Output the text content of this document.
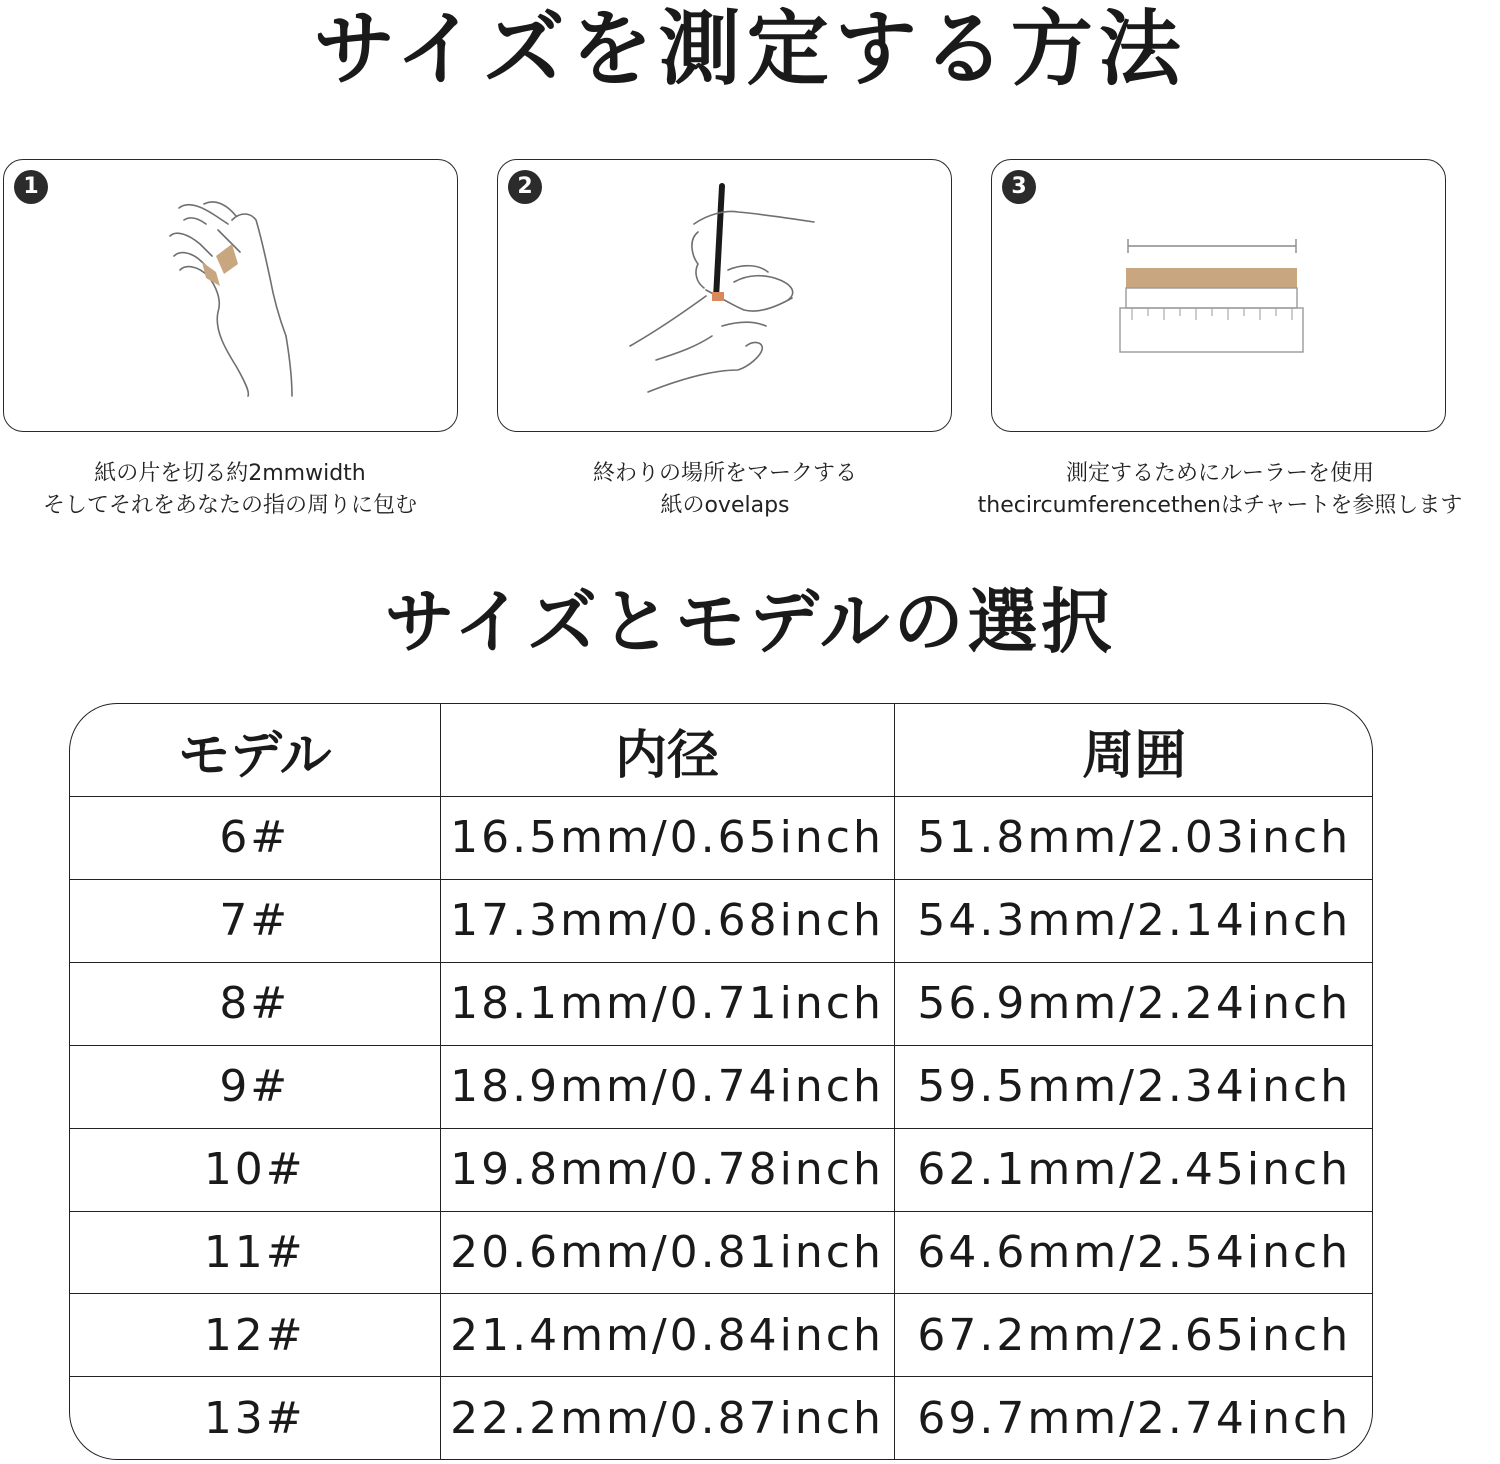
サイズを測定する方法
1
紙の片を切る約2mmwidth
そしてそれをあなたの指の周りに包む
2
終わりの場所をマークする
紙のovelaps
3
測定するためにルーラーを使用
thecircumferencethenはチャートを参照します
サイズとモデルの選択
モデル	内径	周囲
6#	16.5mm/0.65inch	51.8mm/2.03inch
7#	17.3mm/0.68inch	54.3mm/2.14inch
8#	18.1mm/0.71inch	56.9mm/2.24inch
9#	18.9mm/0.74inch	59.5mm/2.34inch
10#	19.8mm/0.78inch	62.1mm/2.45inch
11#	20.6mm/0.81inch	64.6mm/2.54inch
12#	21.4mm/0.84inch	67.2mm/2.65inch
13#	22.2mm/0.87inch	69.7mm/2.74inch
